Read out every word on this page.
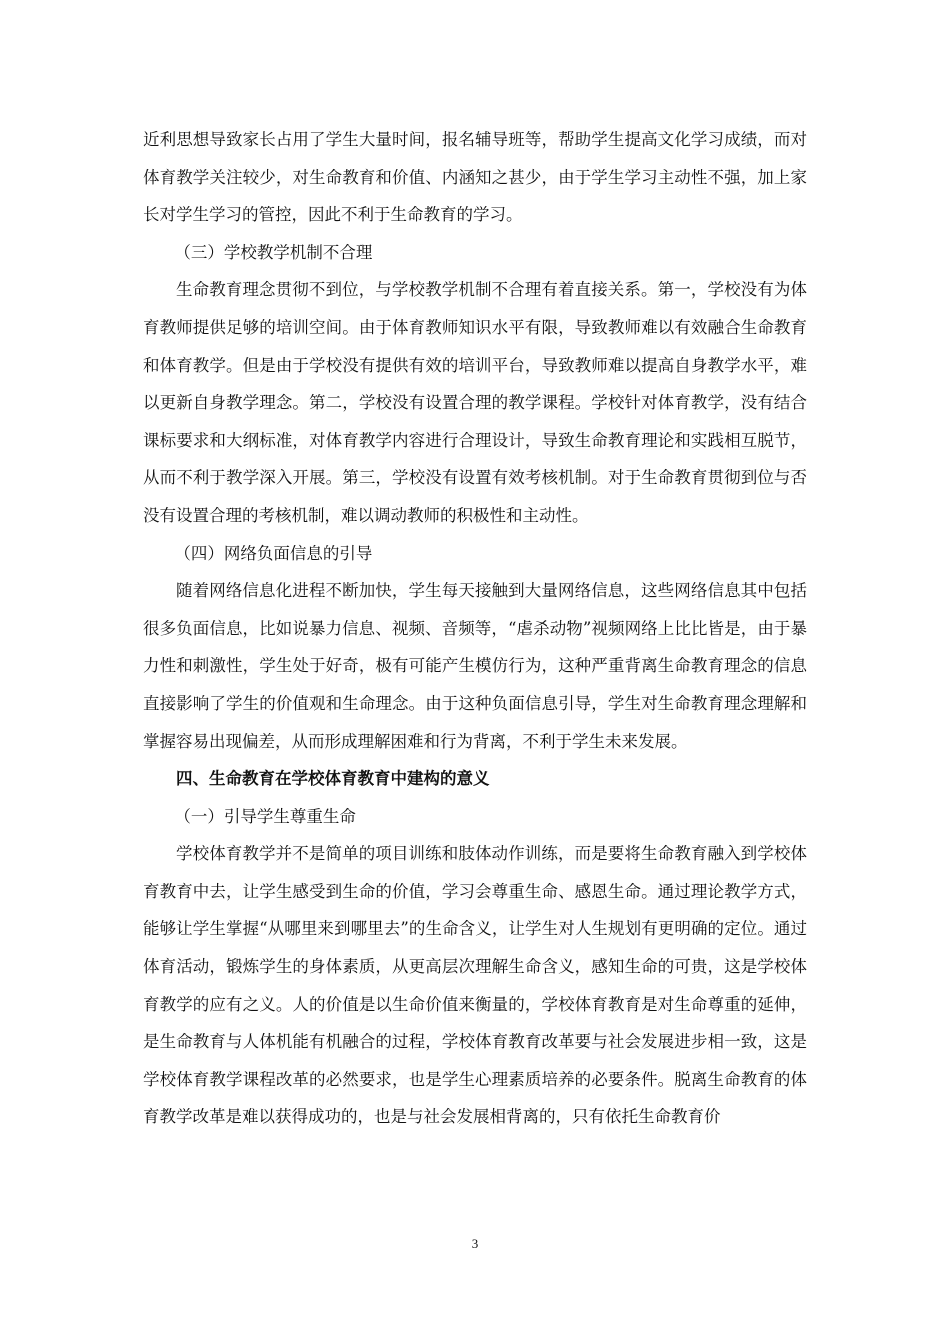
近利思想导致家长占用了学生大量时间，报名辅导班等，帮助学生提高文化学习成绩，而对体育教学关注较少，对生命教育和价值、内涵知之甚少，由于学生学习主动性不强，加上家长对学生学习的管控，因此不利于生命教育的学习。

（三）学校教学机制不合理

生命教育理念贯彻不到位，与学校教学机制不合理有着直接关系。第一，学校没有为体育教师提供足够的培训空间。由于体育教师知识水平有限，导致教师难以有效融合生命教育和体育教学。但是由于学校没有提供有效的培训平台，导致教师难以提高自身教学水平，难以更新自身教学理念。第二，学校没有设置合理的教学课程。学校针对体育教学，没有结合课标要求和大纲标准，对体育教学内容进行合理设计，导致生命教育理论和实践相互脱节，从而不利于教学深入开展。第三，学校没有设置有效考核机制。对于生命教育贯彻到位与否没有设置合理的考核机制，难以调动教师的积极性和主动性。

（四）网络负面信息的引导

随着网络信息化进程不断加快，学生每天接触到大量网络信息，这些网络信息其中包括很多负面信息，比如说暴力信息、视频、音频等，“虐杀动物”视频网络上比比皆是，由于暴力性和刺激性，学生处于好奇，极有可能产生模仿行为，这种严重背离生命教育理念的信息直接影响了学生的价值观和生命理念。由于这种负面信息引导，学生对生命教育理念理解和掌握容易出现偏差，从而形成理解困难和行为背离，不利于学生未来发展。

四、生命教育在学校体育教育中建构的意义

（一）引导学生尊重生命

学校体育教学并不是简单的项目训练和肢体动作训练，而是要将生命教育融入到学校体育教育中去，让学生感受到生命的价值，学习会尊重生命、感恩生命。通过理论教学方式，能够让学生掌握“从哪里来到哪里去”的生命含义，让学生对人生规划有更明确的定位。通过体育活动，锻炼学生的身体素质，从更高层次理解生命含义，感知生命的可贵，这是学校体育教学的应有之义。人的价值是以生命价值来衡量的，学校体育教育是对生命尊重的延伸，是生命教育与人体机能有机融合的过程，学校体育教育改革要与社会发展进步相一致，这是学校体育教学课程改革的必然要求，也是学生心理素质培养的必要条件。脱离生命教育的体育教学改革是难以获得成功的，也是与社会发展相背离的，只有依托生命教育价

3
